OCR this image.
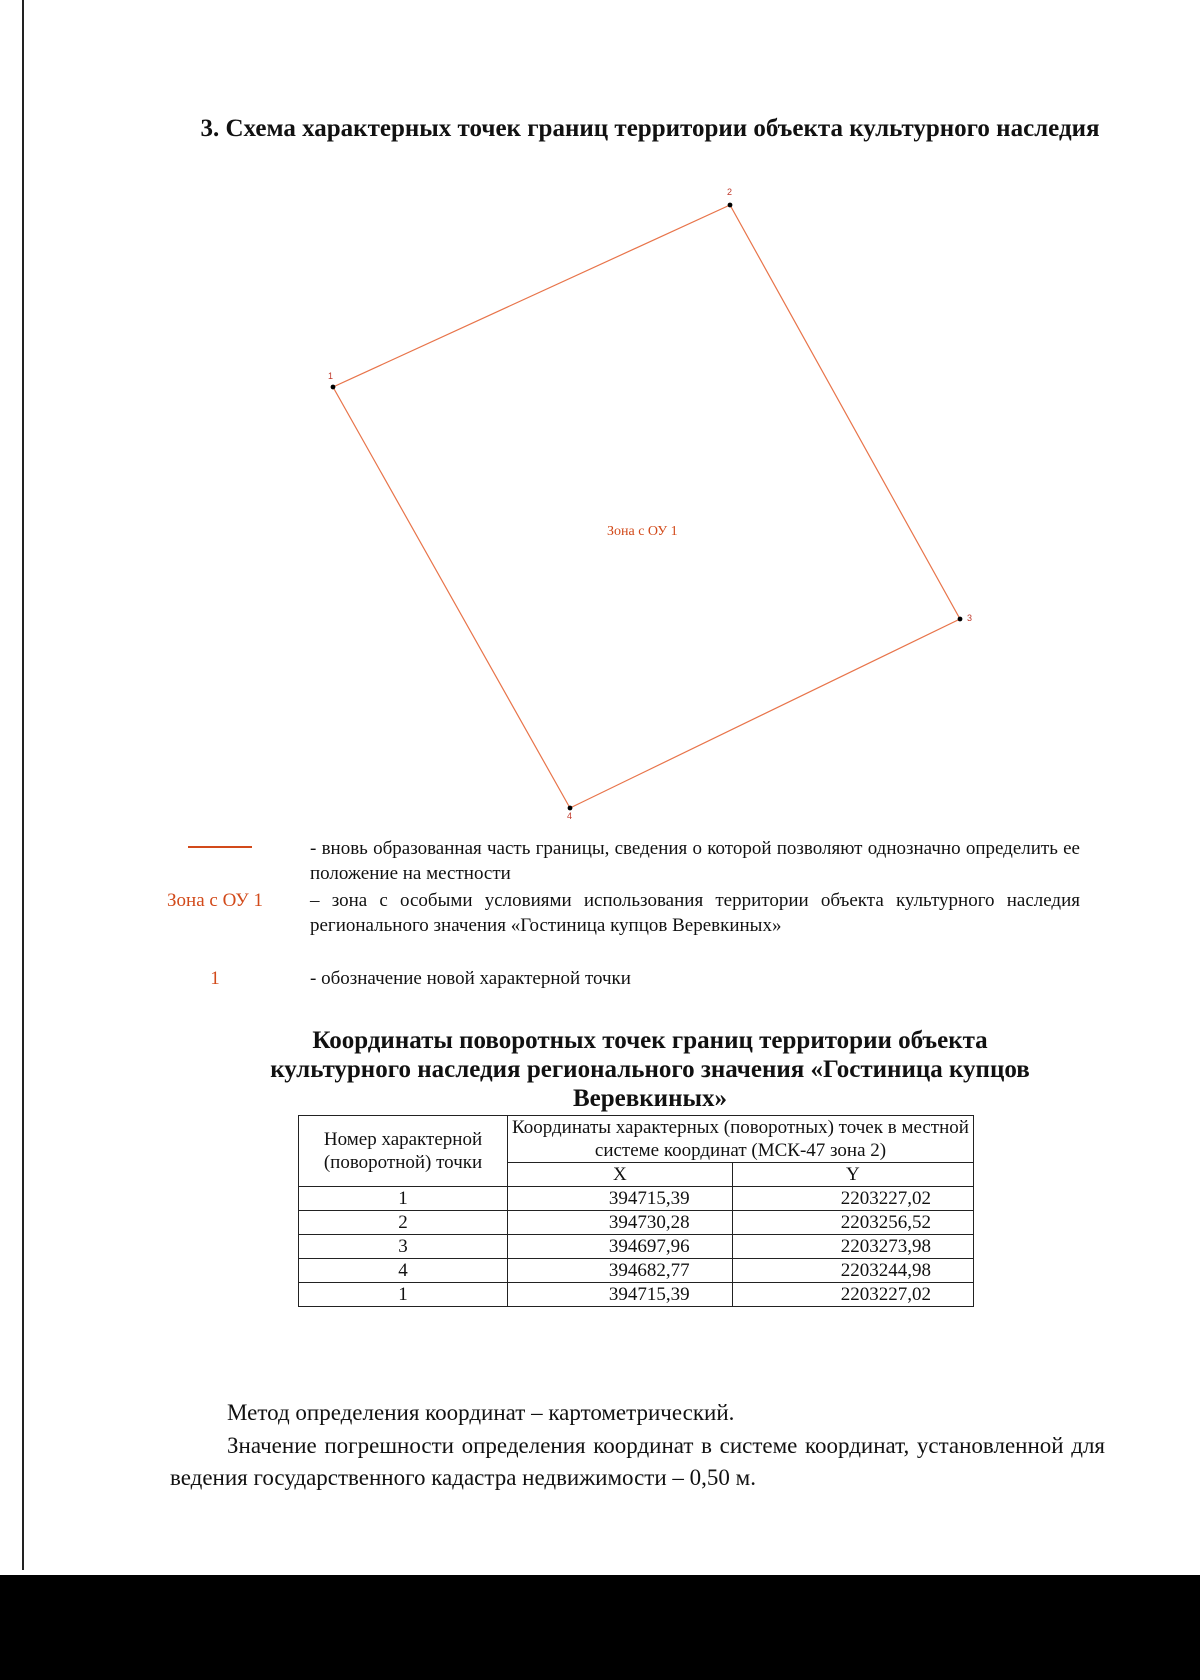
3. Схема характерных точек границ территории объекта культурного наследия
1
2
3
4
Зона с ОУ 1
- вновь образованная часть границы, сведения о которой позволяют однозначно определить ее положение на местности
Зона с ОУ 1	– зона с особыми условиями использования территории объекта культурного наследия регионального значения «Гостиница купцов Веревкиных»
1	- обозначение новой характерной точки
Координаты поворотных точек границ территории объекта культурного наследия регионального значения «Гостиница купцов Веревкиных»
Номер характерной (поворотной) точки	Координаты характерных (поворотных) точек в местной системе координат (МСК-47 зона 2)	
	X	Y
1	394715,39	2203227,02
2	394730,28	2203256,52
3	394697,96	2203273,98
4	394682,77	2203244,98
1	394715,39	2203227,02
Метод определения координат – картометрический.
Значение погрешности определения координат в системе координат, установленной для ведения государственного кадастра недвижимости – 0,50 м.
